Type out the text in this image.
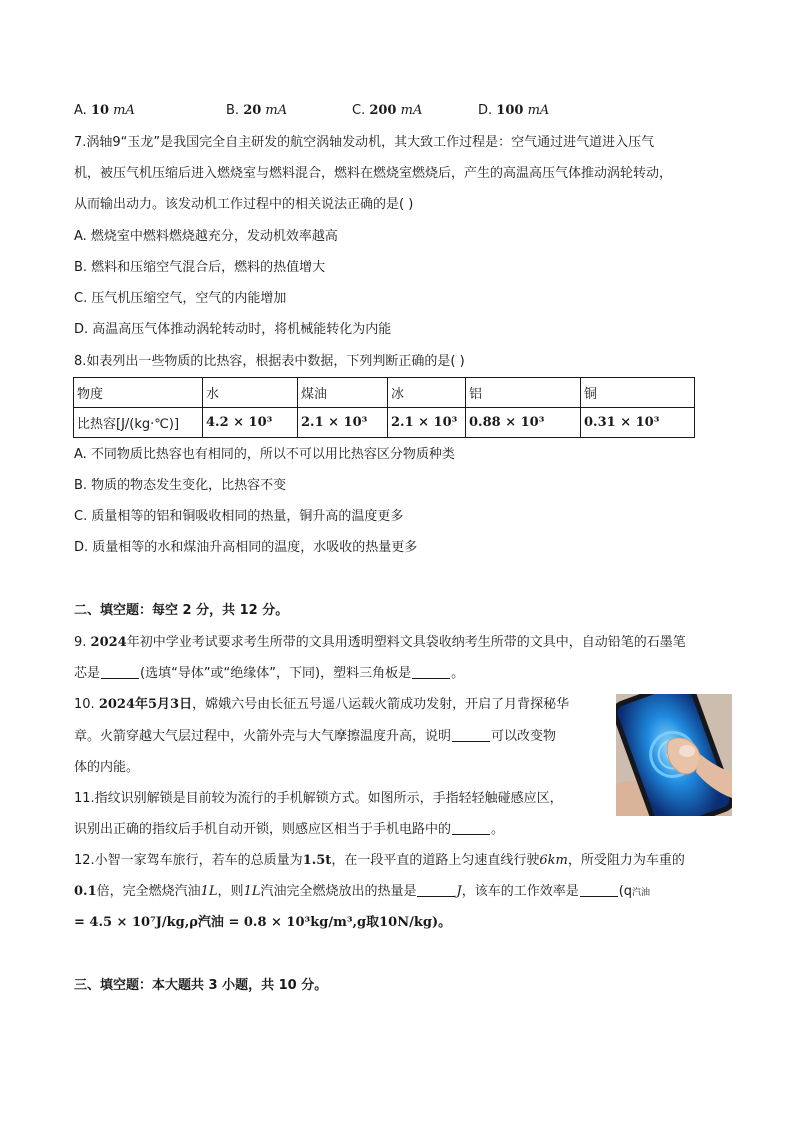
A. 10 mA	B. 20 mA	C. 200 mA	D. 100 mA
7.涡轴9“玉龙”是我国完全自主研发的航空涡轴发动机，其大致工作过程是：空气通过进气道进入压气
机，被压气机压缩后进入燃烧室与燃料混合，燃料在燃烧室燃烧后，产生的高温高压气体推动涡轮转动，
从而输出动力。该发动机工作过程中的相关说法正确的是( )
A. 燃烧室中燃料燃烧越充分，发动机效率越高
B. 燃料和压缩空气混合后，燃料的热值增大
C. 压气机压缩空气，空气的内能增加
D. 高温高压气体推动涡轮转动时，将机械能转化为内能
8.如表列出一些物质的比热容，根据表中数据，下列判断正确的是( )
物度	水	煤油	冰	铝	铜
比热容[J/(kg·℃)]	4.2 × 10³	2.1 × 10³	2.1 × 10³	0.88 × 10³	0.31 × 10³
A. 不同物质比热容也有相同的，所以不可以用比热容区分物质种类
B. 物质的物态发生变化，比热容不变
C. 质量相等的铝和铜吸收相同的热量，铜升高的温度更多
D. 质量相等的水和煤油升高相同的温度，水吸收的热量更多
二、填空题：每空 2 分，共 12 分。
9. 2024年初中学业考试要求考生所带的文具用透明塑料文具袋收纳考生所带的文具中，自动铅笔的石墨笔
芯是	(选填“导体”或“绝缘体”，下同)，塑料三角板是	。
10. 2024年5月3日，嫦娥六号由长征五号遥八运载火箭成功发射，开启了月背探秘华
章。火箭穿越大气层过程中，火箭外壳与大气摩擦温度升高，说明	可以改变物
体的内能。
11.指纹识别解锁是目前较为流行的手机解锁方式。如图所示，手指轻轻触碰感应区，
识别出正确的指纹后手机自动开锁，则感应区相当于手机电路中的	。
12.小智一家驾车旅行，若车的总质量为1.5t，在一段平直的道路上匀速直线行驶6km，所受阻力为车重的
0.1倍，完全燃烧汽油1L，则1L汽油完全燃烧放出的热量是	J，该车的工作效率是	(q汽油
= 4.5 × 10⁷J/kg,ρ汽油 = 0.8 × 10³kg/m³,g取10N/kg)。
三、填空题：本大题共 3 小题，共 10 分。
